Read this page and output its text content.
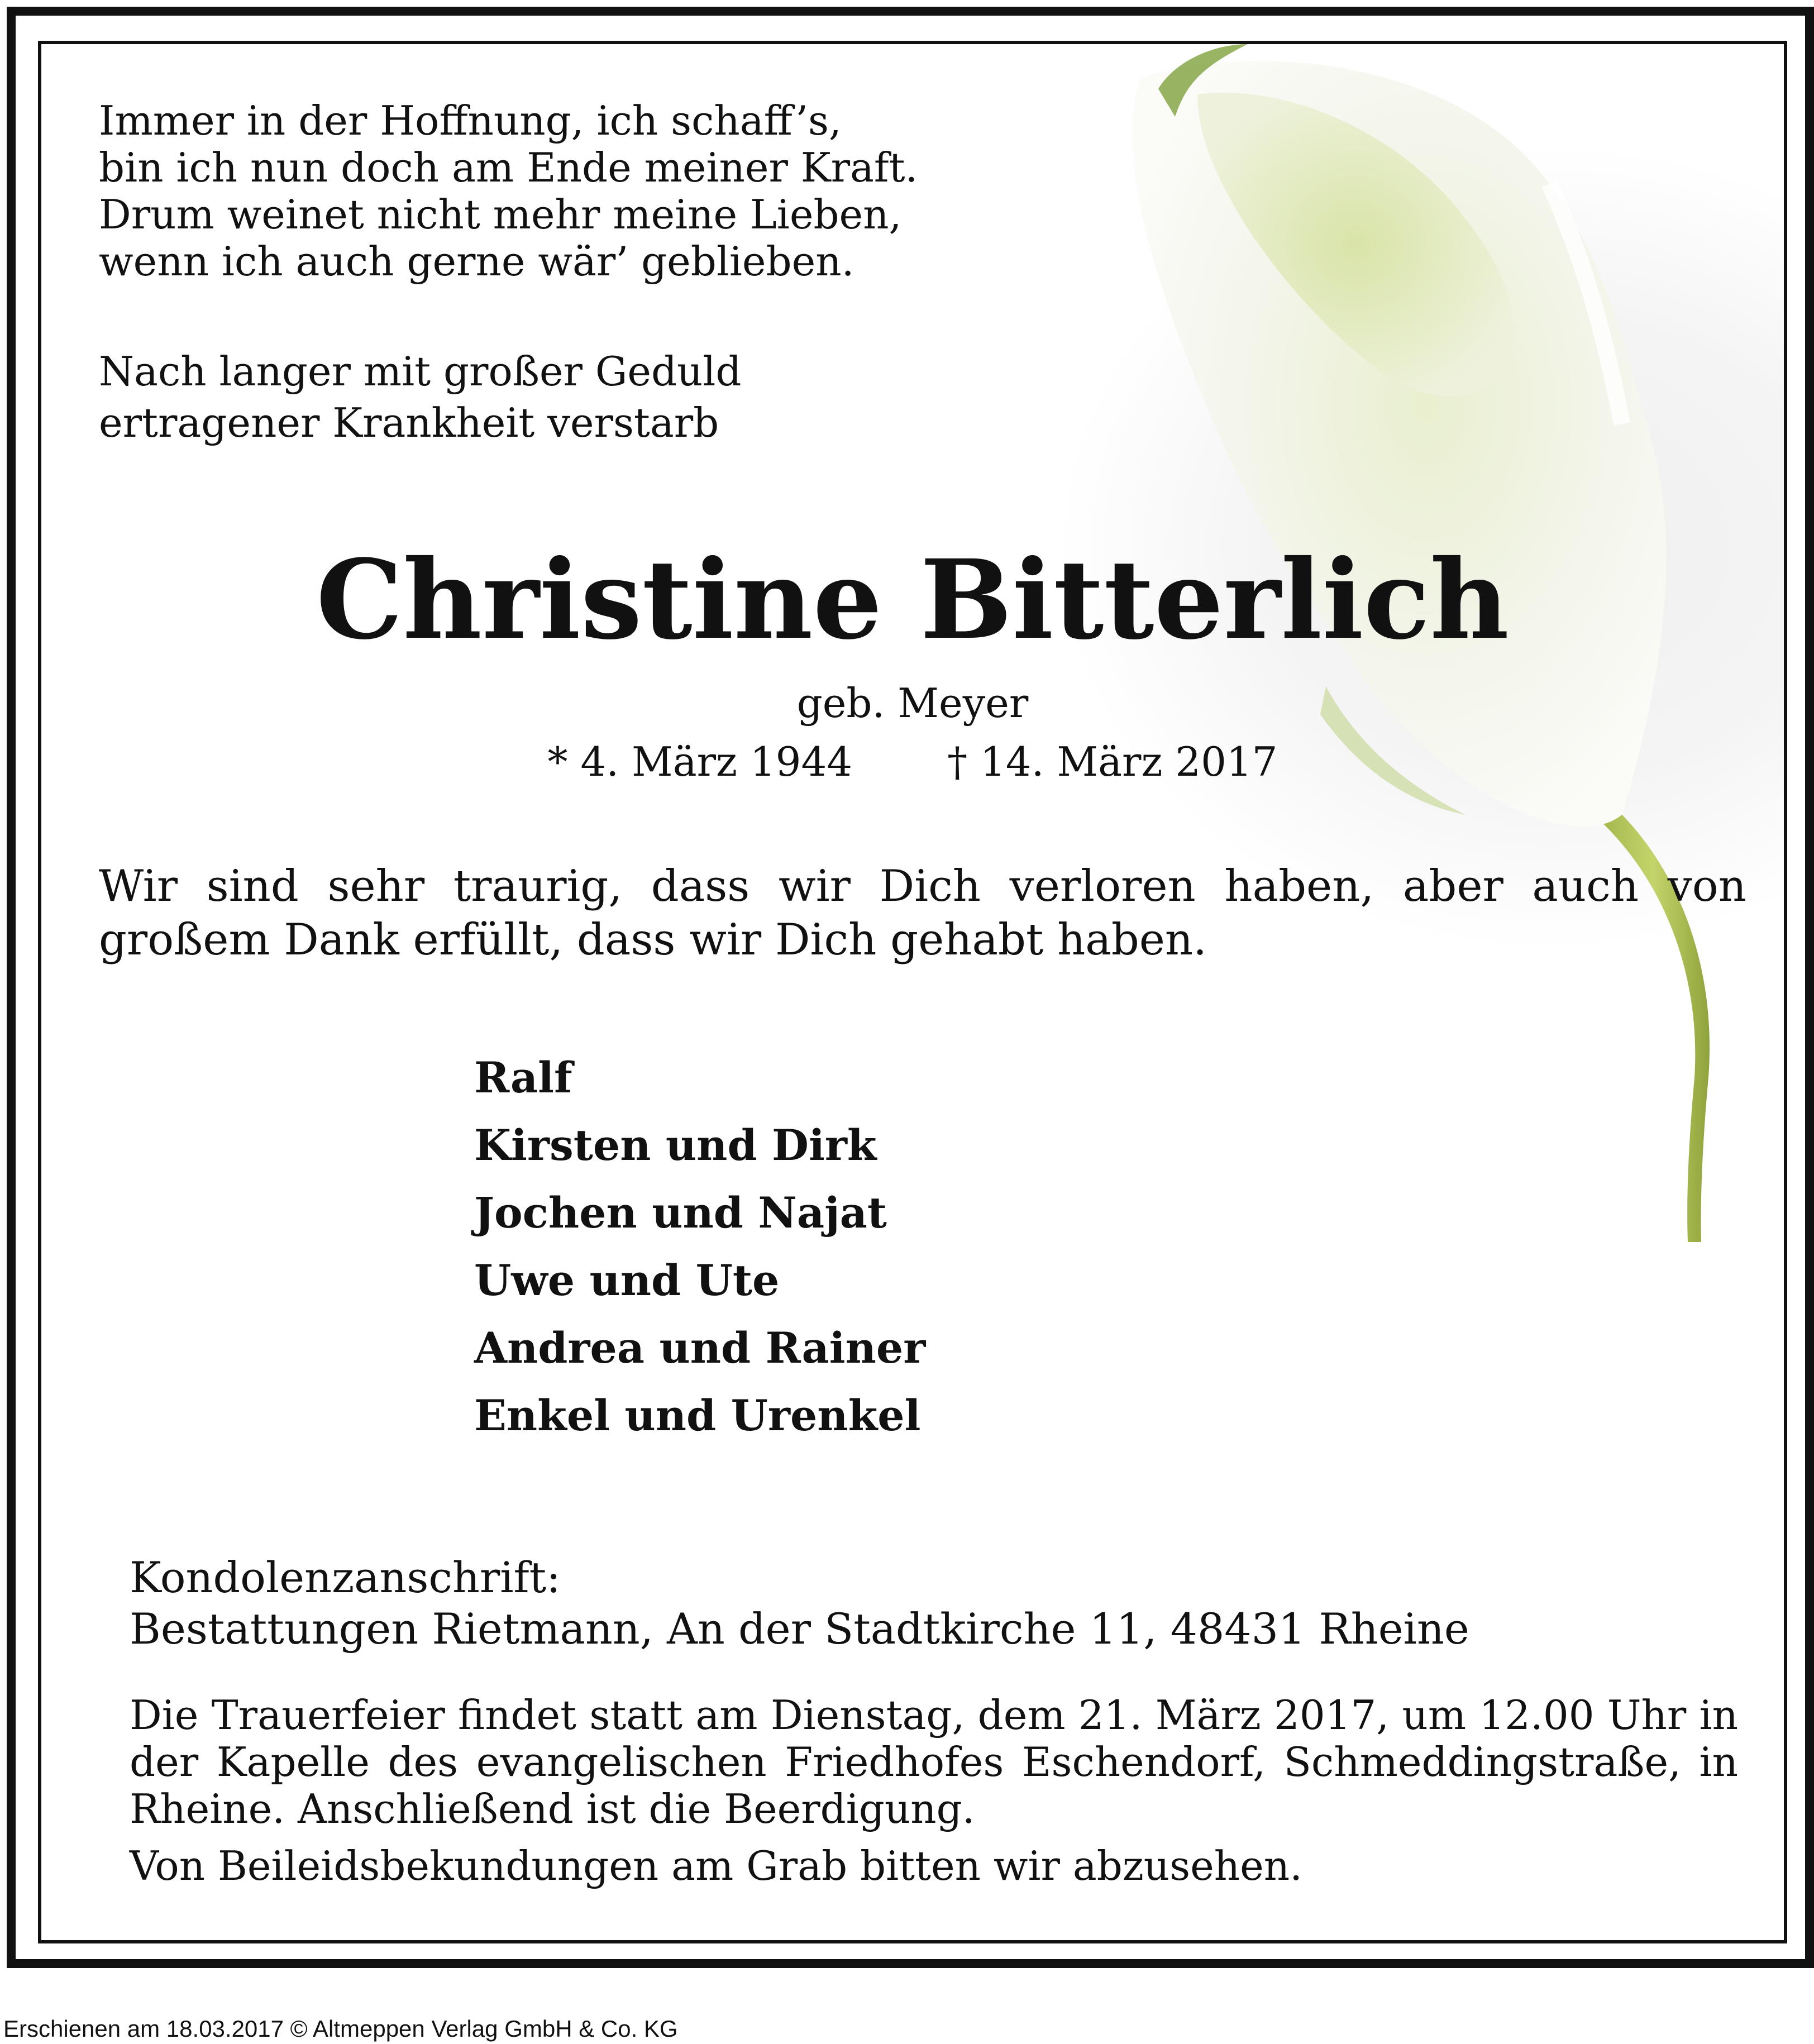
Immer in der Hoffnung, ich schaff’s,
bin ich nun doch am Ende meiner Kraft.
Drum weinet nicht mehr meine Lieben,
wenn ich auch gerne wär’ geblieben.

Nach langer mit großer Geduld
ertragener Krankheit verstarb

Christine Bitterlich

geb. Meyer

* 4. März 1944 † 14. März 2017

Wir sind sehr traurig, dass wir Dich verloren haben, aber auch von großem Dank erfüllt, dass wir Dich gehabt haben.

Ralf
Kirsten und Dirk
Jochen und Najat
Uwe und Ute
Andrea und Rainer
Enkel und Urenkel

Kondolenzanschrift:
Bestattungen Rietmann, An der Stadtkirche 11, 48431 Rheine

Die Trauerfeier findet statt am Dienstag, dem 21. März 2017, um 12.00 Uhr in der Kapelle des evangelischen Friedhofes Eschendorf, Schmeddingstraße, in Rheine. Anschließend ist die Beerdigung.

Von Beileidsbekundungen am Grab bitten wir abzusehen.

Erschienen am 18.03.2017 © Altmeppen Verlag GmbH & Co. KG
